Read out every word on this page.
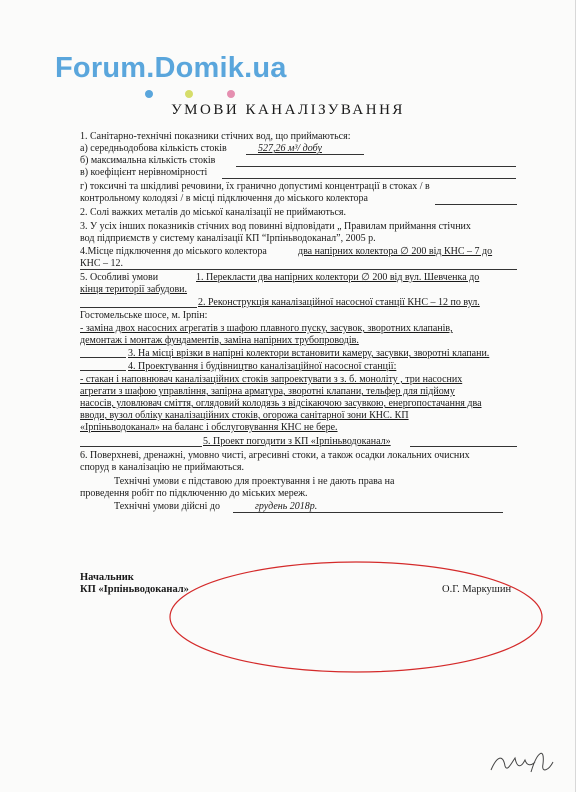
Forum.Domik.ua
УМОВИ КАНАЛІЗУВАННЯ
1. Санітарно-технічні показники стічних вод, що приймаються:
а) середньодобова кількість стоків	527,26 м³/ добу
б) максимальна кількість стоків
в) коефіцієнт нерівномірності
г) токсичні та шкідливі речовини, їх гранично допустимі концентрації в стоках / в
контрольному колодязі / в місці підключення до міського колектора
2. Солі важких металів до міської каналізації не приймаються.
3. У усіх інших показників стічних вод повинні відповідати „ Правилам приймання стічних
вод підприємств у систему каналізації КП “Ірпіньводоканал”, 2005 р.
4.Місце підключення до міського колектора	два напірних колектора ∅ 200 від КНС – 7 до
КНС – 12.
5. Особливі умови	1. Перекласти два напірних колектори ∅ 200 від вул. Шевченка до
кінця території забудови.
2. Реконструкція каналізаційної насосної станції КНС – 12 по вул.
Гостомельське шосе, м. Ірпін:
- заміна двох насосних агрегатів з шафою плавного пуску, засувок, зворотних клапанів,
демонтаж і монтаж фундаментів, заміна напірних трубопроводів.
3. На місці врізки в напірні колектори встановити камеру, засувки, зворотні клапани.
4. Проектування і будівництво каналізаційної насосної станції:
- стакан і наповнювач каналізаційних стоків запроектувати з з. б. моноліту , три насосних
агрегати з шафою управління, запірна арматура, зворотні клапани, тельфер для підйому
насосів, уловлювач сміття, оглядовий колодязь з відсікаючою засувкою, енергопостачання два
вводи, вузол обліку каналізаційних стоків, огорожа санітарної зони КНС. КП
«Ірпіньводоканал» на баланс і обслуговування КНС не бере.
5. Проект погодити з КП «Ірпіньводоканал»
6. Поверхневі, дренажні, умовно чисті, агресивні стоки, а також осадки локальних очисних
споруд в каналізацію не приймаються.
Технічні умови є підставою для проектування і не дають права на
проведення робіт по підключенню до міських мереж.
Технічні умови дійсні до	грудень 2018р.
Начальник
КП «Ірпіньводоканал»	О.Г. Маркушин
